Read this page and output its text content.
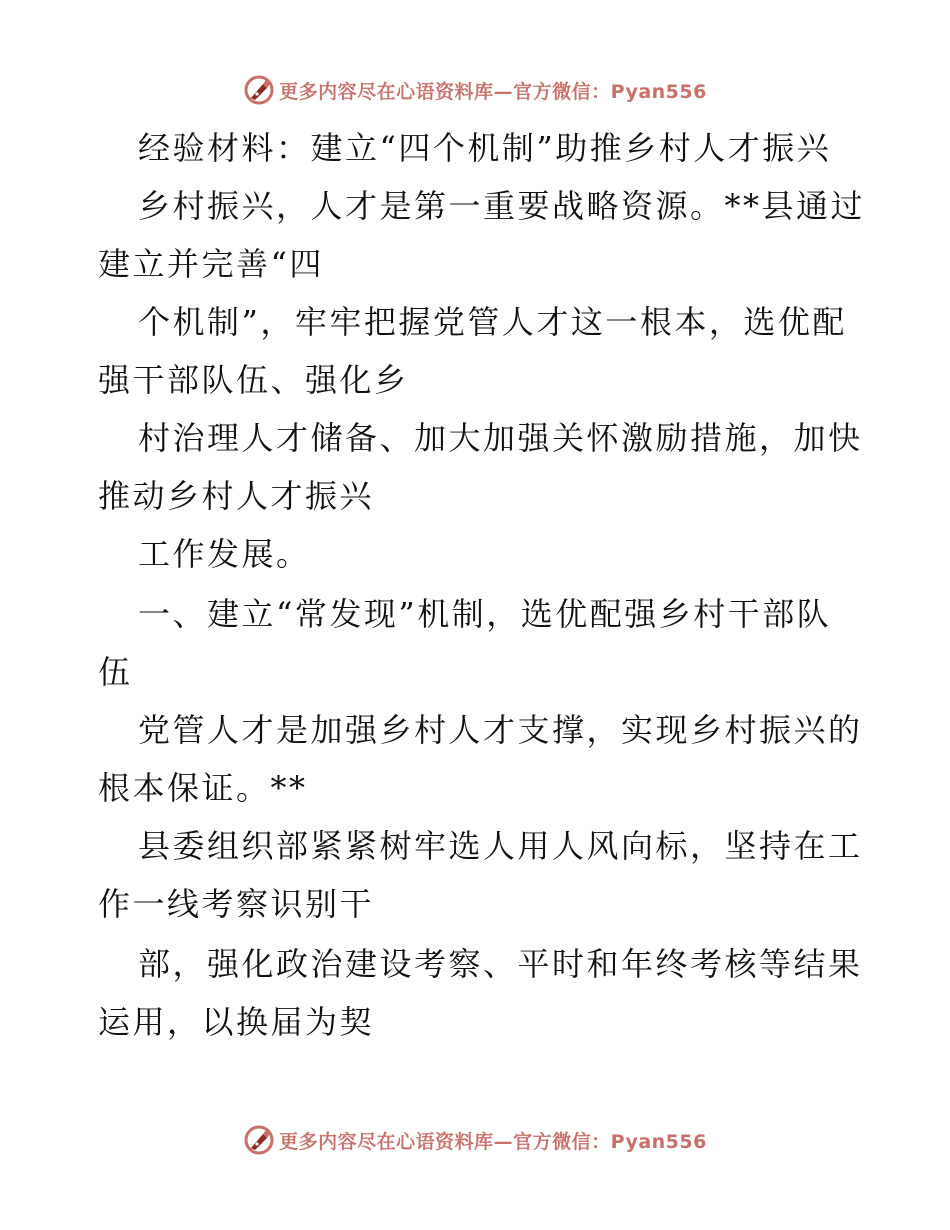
更多内容尽在心语资料库—官方微信：Pyan556
经验材料：建立“四个机制”助推乡村人才振兴
乡村振兴，人才是第一重要战略资源。**县通过
建立并完善“四
个机制”，牢牢把握党管人才这一根本，选优配
强干部队伍、强化乡
村治理人才储备、加大加强关怀激励措施，加快
推动乡村人才振兴
工作发展。
一、建立“常发现”机制，选优配强乡村干部队
伍
党管人才是加强乡村人才支撑，实现乡村振兴的
根本保证。**
县委组织部紧紧树牢选人用人风向标，坚持在工
作一线考察识别干
部，强化政治建设考察、平时和年终考核等结果
运用，以换届为契
更多内容尽在心语资料库—官方微信：Pyan556
